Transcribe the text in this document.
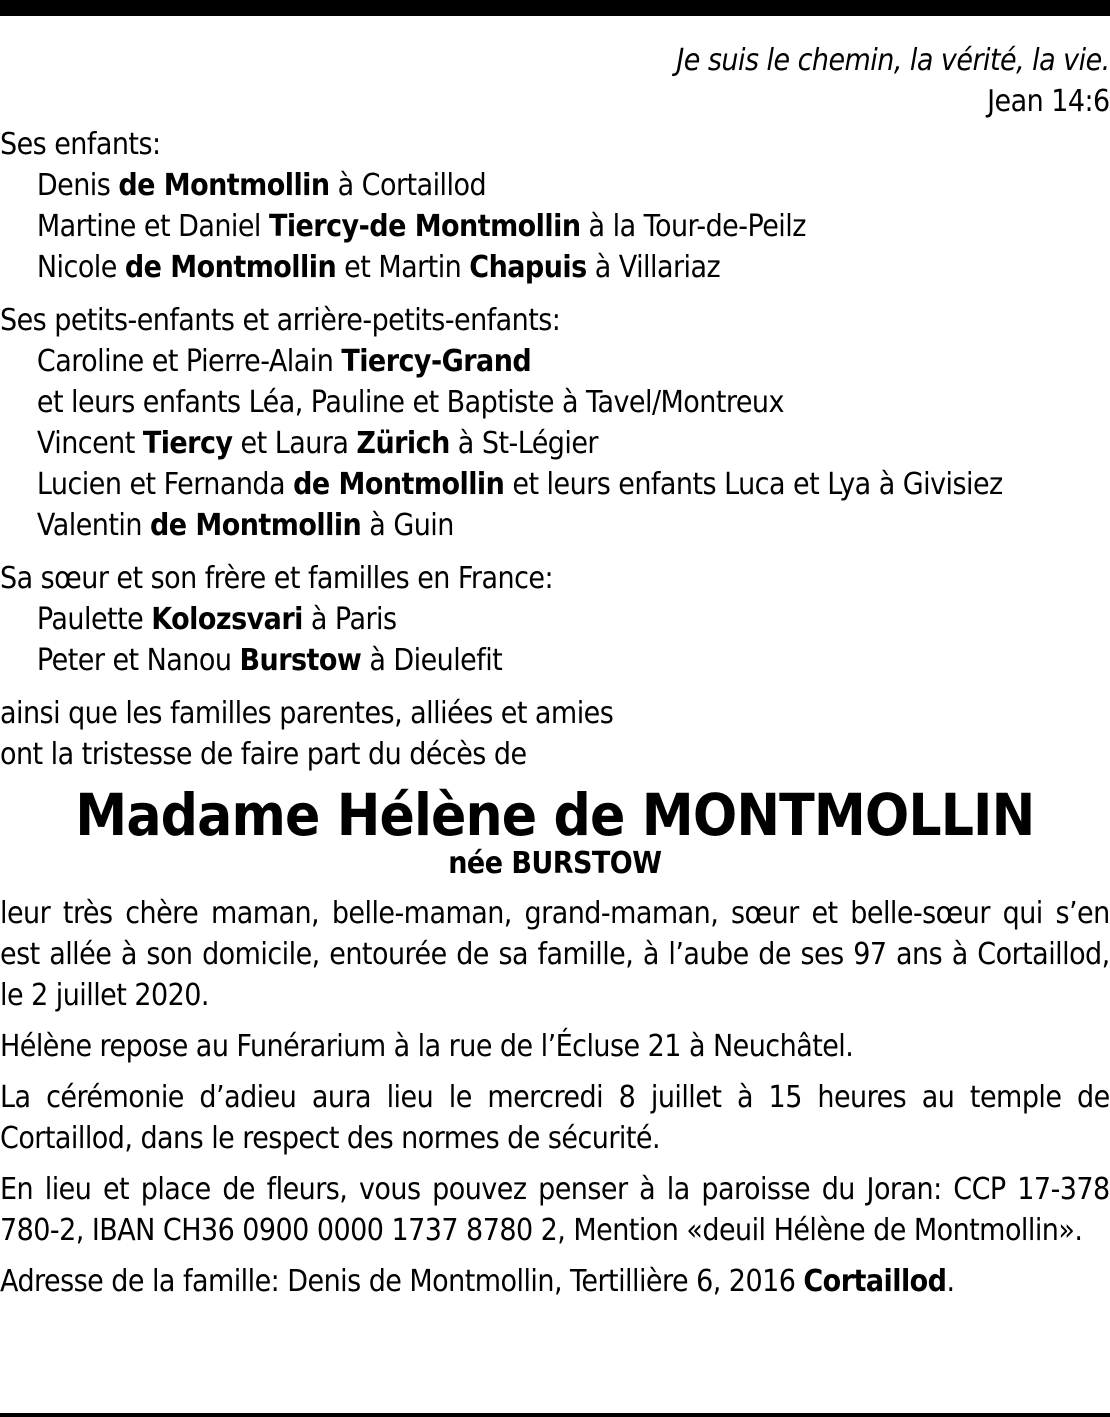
Je suis le chemin, la vérité, la vie.
Jean 14:6
Ses enfants:
Denis de Montmollin à Cortaillod
Martine et Daniel Tiercy-de Montmollin à la Tour-de-Peilz
Nicole de Montmollin et Martin Chapuis à Villariaz
Ses petits-enfants et arrière-petits-enfants:
Caroline et Pierre-Alain Tiercy-Grand
et leurs enfants Léa, Pauline et Baptiste à Tavel/Montreux
Vincent Tiercy et Laura Zürich à St-Légier
Lucien et Fernanda de Montmollin et leurs enfants Luca et Lya à Givisiez
Valentin de Montmollin à Guin
Sa sœur et son frère et familles en France:
Paulette Kolozsvari à Paris
Peter et Nanou Burstow à Dieulefit
ainsi que les familles parentes, alliées et amies
ont la tristesse de faire part du décès de
Madame Hélène de MONTMOLLIN
née BURSTOW
leur très chère maman, belle-maman, grand-maman, sœur et belle-sœur qui s’en est allée à son domicile, entourée de sa famille, à l’aube de ses 97 ans à Cortaillod, le 2 juillet 2020.
Hélène repose au Funérarium à la rue de l’Écluse 21 à Neuchâtel.
La cérémonie d’adieu aura lieu le mercredi 8 juillet à 15 heures au temple de Cortaillod, dans le respect des normes de sécurité.
En lieu et place de fleurs, vous pouvez penser à la paroisse du Joran: CCP 17-378 780-2, IBAN CH36 0900 0000 1737 8780 2, Mention «deuil Hélène de Montmollin».
Adresse de la famille: Denis de Montmollin, Tertillière 6, 2016 Cortaillod.
